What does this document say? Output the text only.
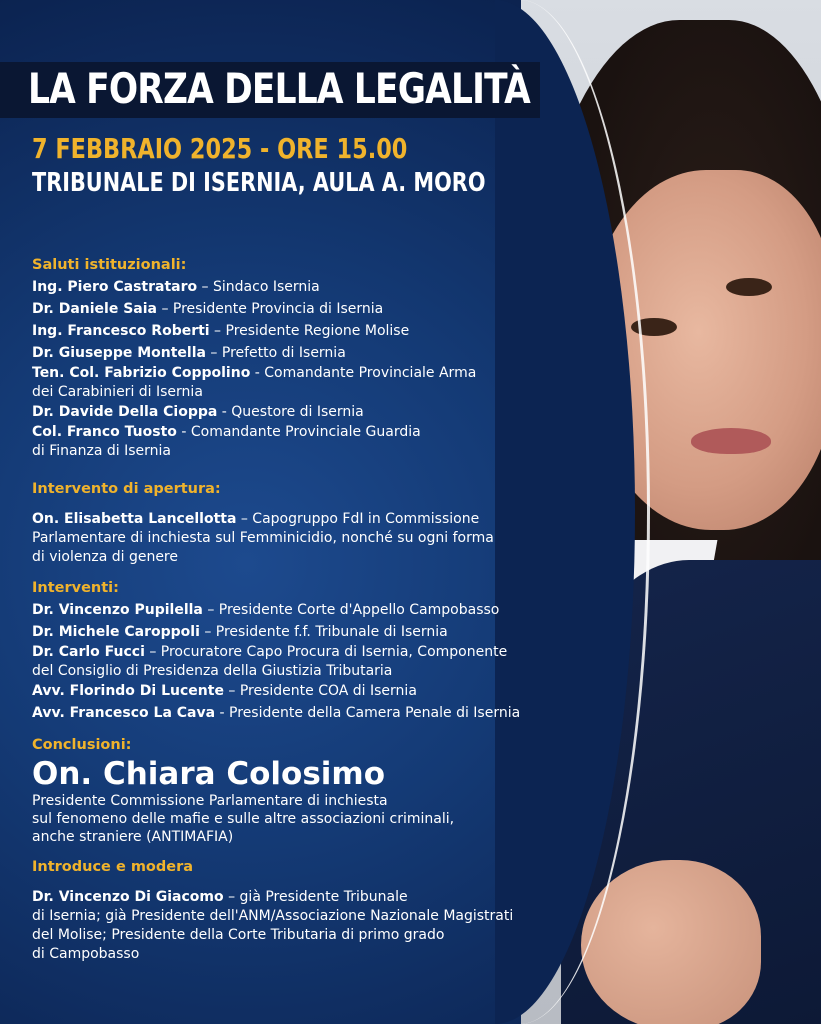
LA FORZA DELLA LEGALITÀ
7 FEBBRAIO 2025 - ORE 15.00
TRIBUNALE DI ISERNIA, AULA A. MORO
Saluti istituzionali:
Ing. Piero Castrataro – Sindaco Isernia
Dr. Daniele Saia – Presidente Provincia di Isernia
Ing. Francesco Roberti – Presidente Regione Molise
Dr. Giuseppe Montella – Prefetto di Isernia
Ten. Col. Fabrizio Coppolino - Comandante Provinciale Arma
dei Carabinieri di Isernia
Dr. Davide Della Cioppa - Questore di Isernia
Col. Franco Tuosto - Comandante Provinciale Guardia
di Finanza di Isernia
Intervento di apertura:
On. Elisabetta Lancellotta – Capogruppo FdI in Commissione
Parlamentare di inchiesta sul Femminicidio, nonché su ogni forma
di violenza di genere
Interventi:
Dr. Vincenzo Pupilella – Presidente Corte d'Appello Campobasso
Dr. Michele Caroppoli – Presidente f.f. Tribunale di Isernia
Dr. Carlo Fucci – Procuratore Capo Procura di Isernia, Componente
del Consiglio di Presidenza della Giustizia Tributaria
Avv. Florindo Di Lucente – Presidente COA di Isernia
Avv. Francesco La Cava - Presidente della Camera Penale di Isernia
Conclusioni:
On. Chiara Colosimo
Presidente Commissione Parlamentare di inchiesta
sul fenomeno delle mafie e sulle altre associazioni criminali,
anche straniere (ANTIMAFIA)
Introduce e modera
Dr. Vincenzo Di Giacomo – già Presidente Tribunale
di Isernia; già Presidente dell'ANM/Associazione Nazionale Magistrati
del Molise; Presidente della Corte Tributaria di primo grado
di Campobasso
